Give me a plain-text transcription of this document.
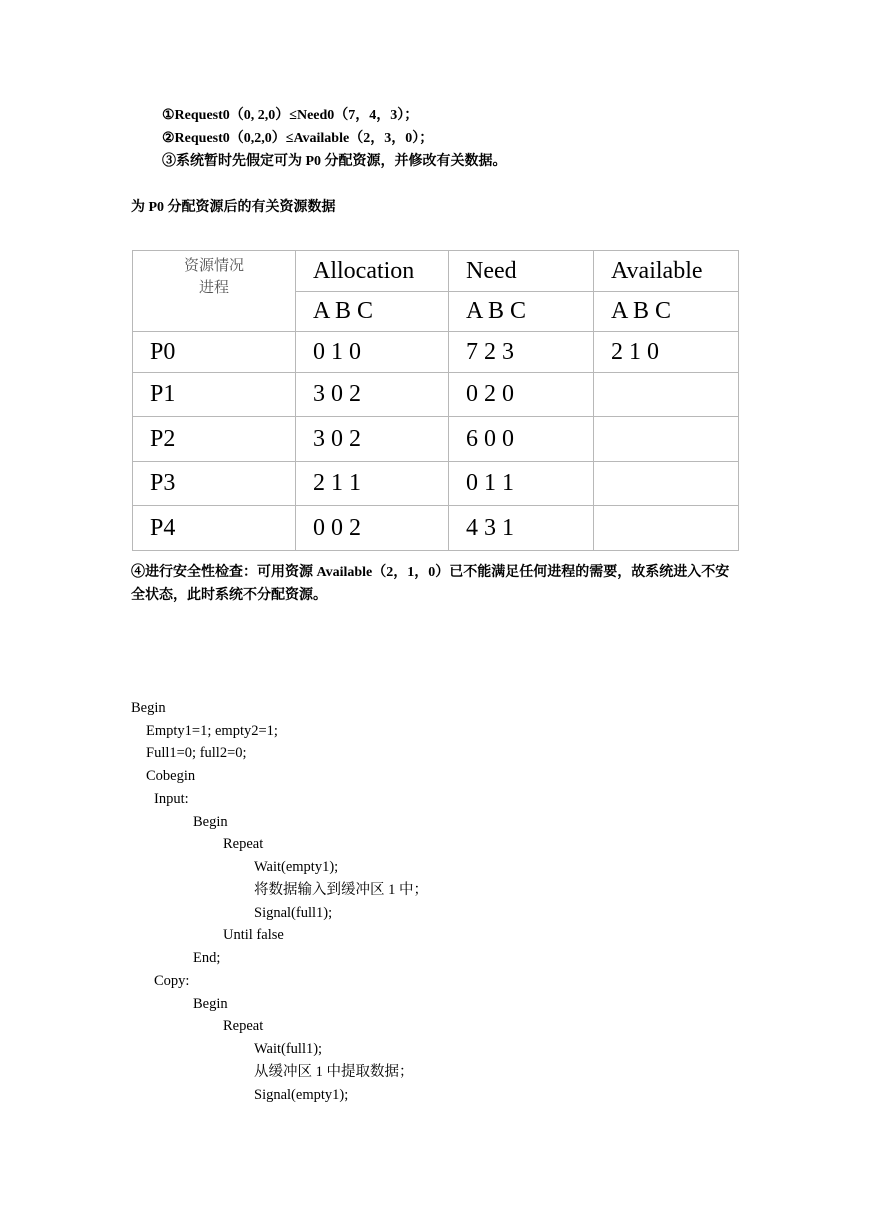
①Request0（0, 2,0）≤Need0（7，4，3）；
②Request0（0,2,0）≤Available（2，3，0）；
③系统暂时先假定可为 P0 分配资源，并修改有关数据。
为 P0 分配资源后的有关资源数据
资源情况
进程	Allocation	Need	Available
	A B C	A B C	A B C
P0	0 1 0	7 2 3	2 1 0
P1	3 0 2	0 2 0	
P2	3 0 2	6 0 0	
P3	2 1 1	0 1 1	
P4	0 0 2	4 3 1	
④进行安全性检查：可用资源 Available（2，1，0）已不能满足任何进程的需要，故系统进入不安全状态，此时系统不分配资源。
Begin
Empty1=1; empty2=1;
Full1=0; full2=0;
Cobegin
Input:
Begin
Repeat
Wait(empty1);
将数据输入到缓冲区 1 中；
Signal(full1);
Until false
End;
Copy:
Begin
Repeat
Wait(full1);
从缓冲区 1 中提取数据；
Signal(empty1);
